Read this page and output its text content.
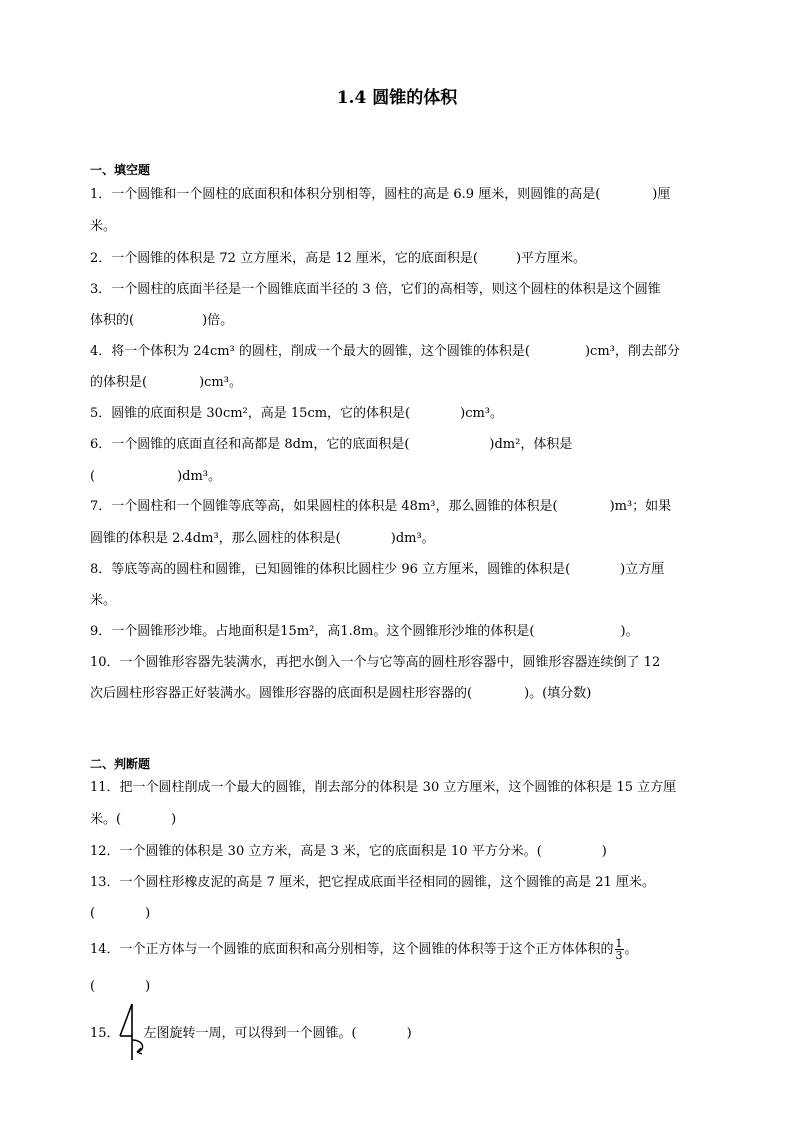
1.4 圆锥的体积
一、填空题
1．一个圆锥和一个圆柱的底面积和体积分别相等，圆柱的高是 6.9 厘米，则圆锥的高是(	)厘
米。
2．一个圆锥的体积是 72 立方厘米，高是 12 厘米，它的底面积是(	)平方厘米。
3．一个圆柱的底面半径是一个圆锥底面半径的 3 倍，它们的高相等，则这个圆柱的体积是这个圆锥
体积的(	)倍。
4．将一个体积为 24cm³ 的圆柱，削成一个最大的圆锥，这个圆锥的体积是(	)cm³，削去部分
的体积是(	)cm³。
5．圆锥的底面积是 30cm²，高是 15cm，它的体积是(	)cm³。
6．一个圆锥的底面直径和高都是 8dm，它的底面积是(	)dm²，体积是
(	)dm³。
7．一个圆柱和一个圆锥等底等高，如果圆柱的体积是 48m³，那么圆锥的体积是(	)m³；如果
圆锥的体积是 2.4dm³，那么圆柱的体积是(	)dm³。
8．等底等高的圆柱和圆锥，已知圆锥的体积比圆柱少 96 立方厘米，圆锥的体积是(	)立方厘
米。
9．一个圆锥形沙堆。占地面积是15m²，高1.8m。这个圆锥形沙堆的体积是(	)。
10．一个圆锥形容器先装满水，再把水倒入一个与它等高的圆柱形容器中，圆锥形容器连续倒了 12
次后圆柱形容器正好装满水。圆锥形容器的底面积是圆柱形容器的(	)。(填分数)
二、判断题
11．把一个圆柱削成一个最大的圆锥，削去部分的体积是 30 立方厘米，这个圆锥的体积是 15 立方厘
米。(	)
12．一个圆锥的体积是 30 立方米，高是 3 米，它的底面积是 10 平方分米。(	)
13．一个圆柱形橡皮泥的高是 7 厘米，把它捏成底面半径相同的圆锥，这个圆锥的高是 21 厘米。
(	)
14．一个正方体与一个圆锥的底面积和高分别相等，这个圆锥的体积等于这个正方体体积的 $\frac{1}{3}$ 。
(	)
15． 左图旋转一周，可以得到一个圆锥。(	)
